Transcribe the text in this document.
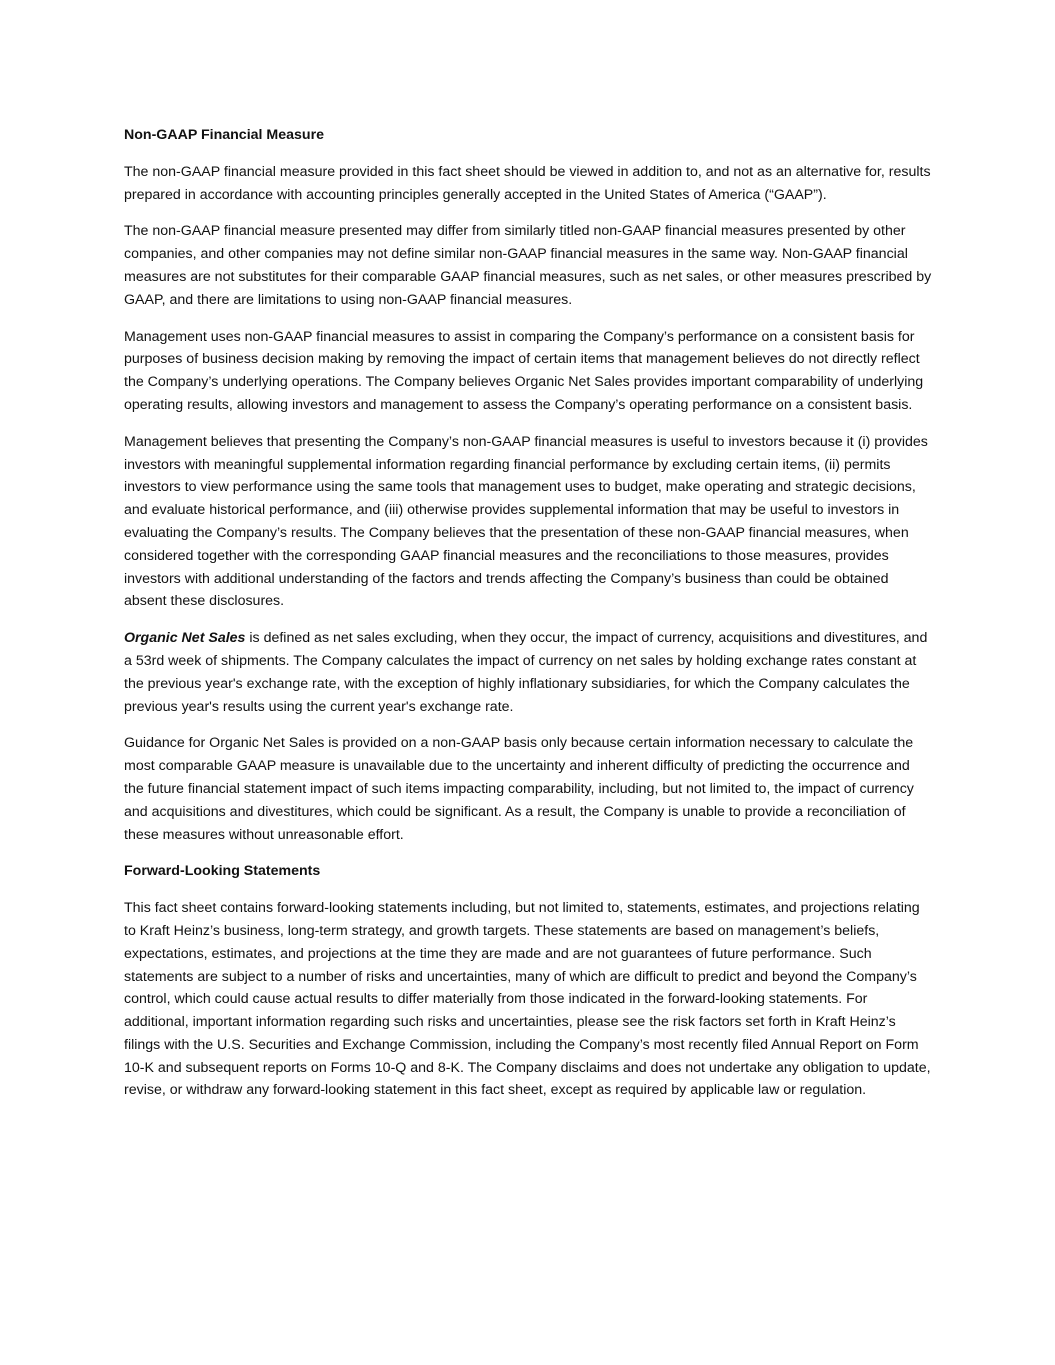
Non-GAAP Financial Measure

The non-GAAP financial measure provided in this fact sheet should be viewed in addition to, and not as an alternative for, results prepared in accordance with accounting principles generally accepted in the United States of America (“GAAP”).

The non-GAAP financial measure presented may differ from similarly titled non-GAAP financial measures presented by other companies, and other companies may not define similar non-GAAP financial measures in the same way. Non-GAAP financial measures are not substitutes for their comparable GAAP financial measures, such as net sales, or other measures prescribed by GAAP, and there are limitations to using non-GAAP financial measures.

Management uses non-GAAP financial measures to assist in comparing the Company’s performance on a consistent basis for purposes of business decision making by removing the impact of certain items that management believes do not directly reflect the Company’s underlying operations. The Company believes Organic Net Sales provides important comparability of underlying operating results, allowing investors and management to assess the Company’s operating performance on a consistent basis.

Management believes that presenting the Company’s non-GAAP financial measures is useful to investors because it (i) provides investors with meaningful supplemental information regarding financial performance by excluding certain items, (ii) permits investors to view performance using the same tools that management uses to budget, make operating and strategic decisions, and evaluate historical performance, and (iii) otherwise provides supplemental information that may be useful to investors in evaluating the Company’s results. The Company believes that the presentation of these non-GAAP financial measures, when considered together with the corresponding GAAP financial measures and the reconciliations to those measures, provides investors with additional understanding of the factors and trends affecting the Company’s business than could be obtained absent these disclosures.

Organic Net Sales is defined as net sales excluding, when they occur, the impact of currency, acquisitions and divestitures, and a 53rd week of shipments. The Company calculates the impact of currency on net sales by holding exchange rates constant at the previous year's exchange rate, with the exception of highly inflationary subsidiaries, for which the Company calculates the previous year's results using the current year's exchange rate.

Guidance for Organic Net Sales is provided on a non-GAAP basis only because certain information necessary to calculate the most comparable GAAP measure is unavailable due to the uncertainty and inherent difficulty of predicting the occurrence and the future financial statement impact of such items impacting comparability, including, but not limited to, the impact of currency and acquisitions and divestitures, which could be significant. As a result, the Company is unable to provide a reconciliation of these measures without unreasonable effort.

Forward-Looking Statements

This fact sheet contains forward-looking statements including, but not limited to, statements, estimates, and projections relating to Kraft Heinz’s business, long-term strategy, and growth targets. These statements are based on management’s beliefs, expectations, estimates, and projections at the time they are made and are not guarantees of future performance. Such statements are subject to a number of risks and uncertainties, many of which are difficult to predict and beyond the Company’s control, which could cause actual results to differ materially from those indicated in the forward-looking statements. For additional, important information regarding such risks and uncertainties, please see the risk factors set forth in Kraft Heinz’s filings with the U.S. Securities and Exchange Commission, including the Company’s most recently filed Annual Report on Form 10-K and subsequent reports on Forms 10-Q and 8-K. The Company disclaims and does not undertake any obligation to update, revise, or withdraw any forward-looking statement in this fact sheet, except as required by applicable law or regulation.
